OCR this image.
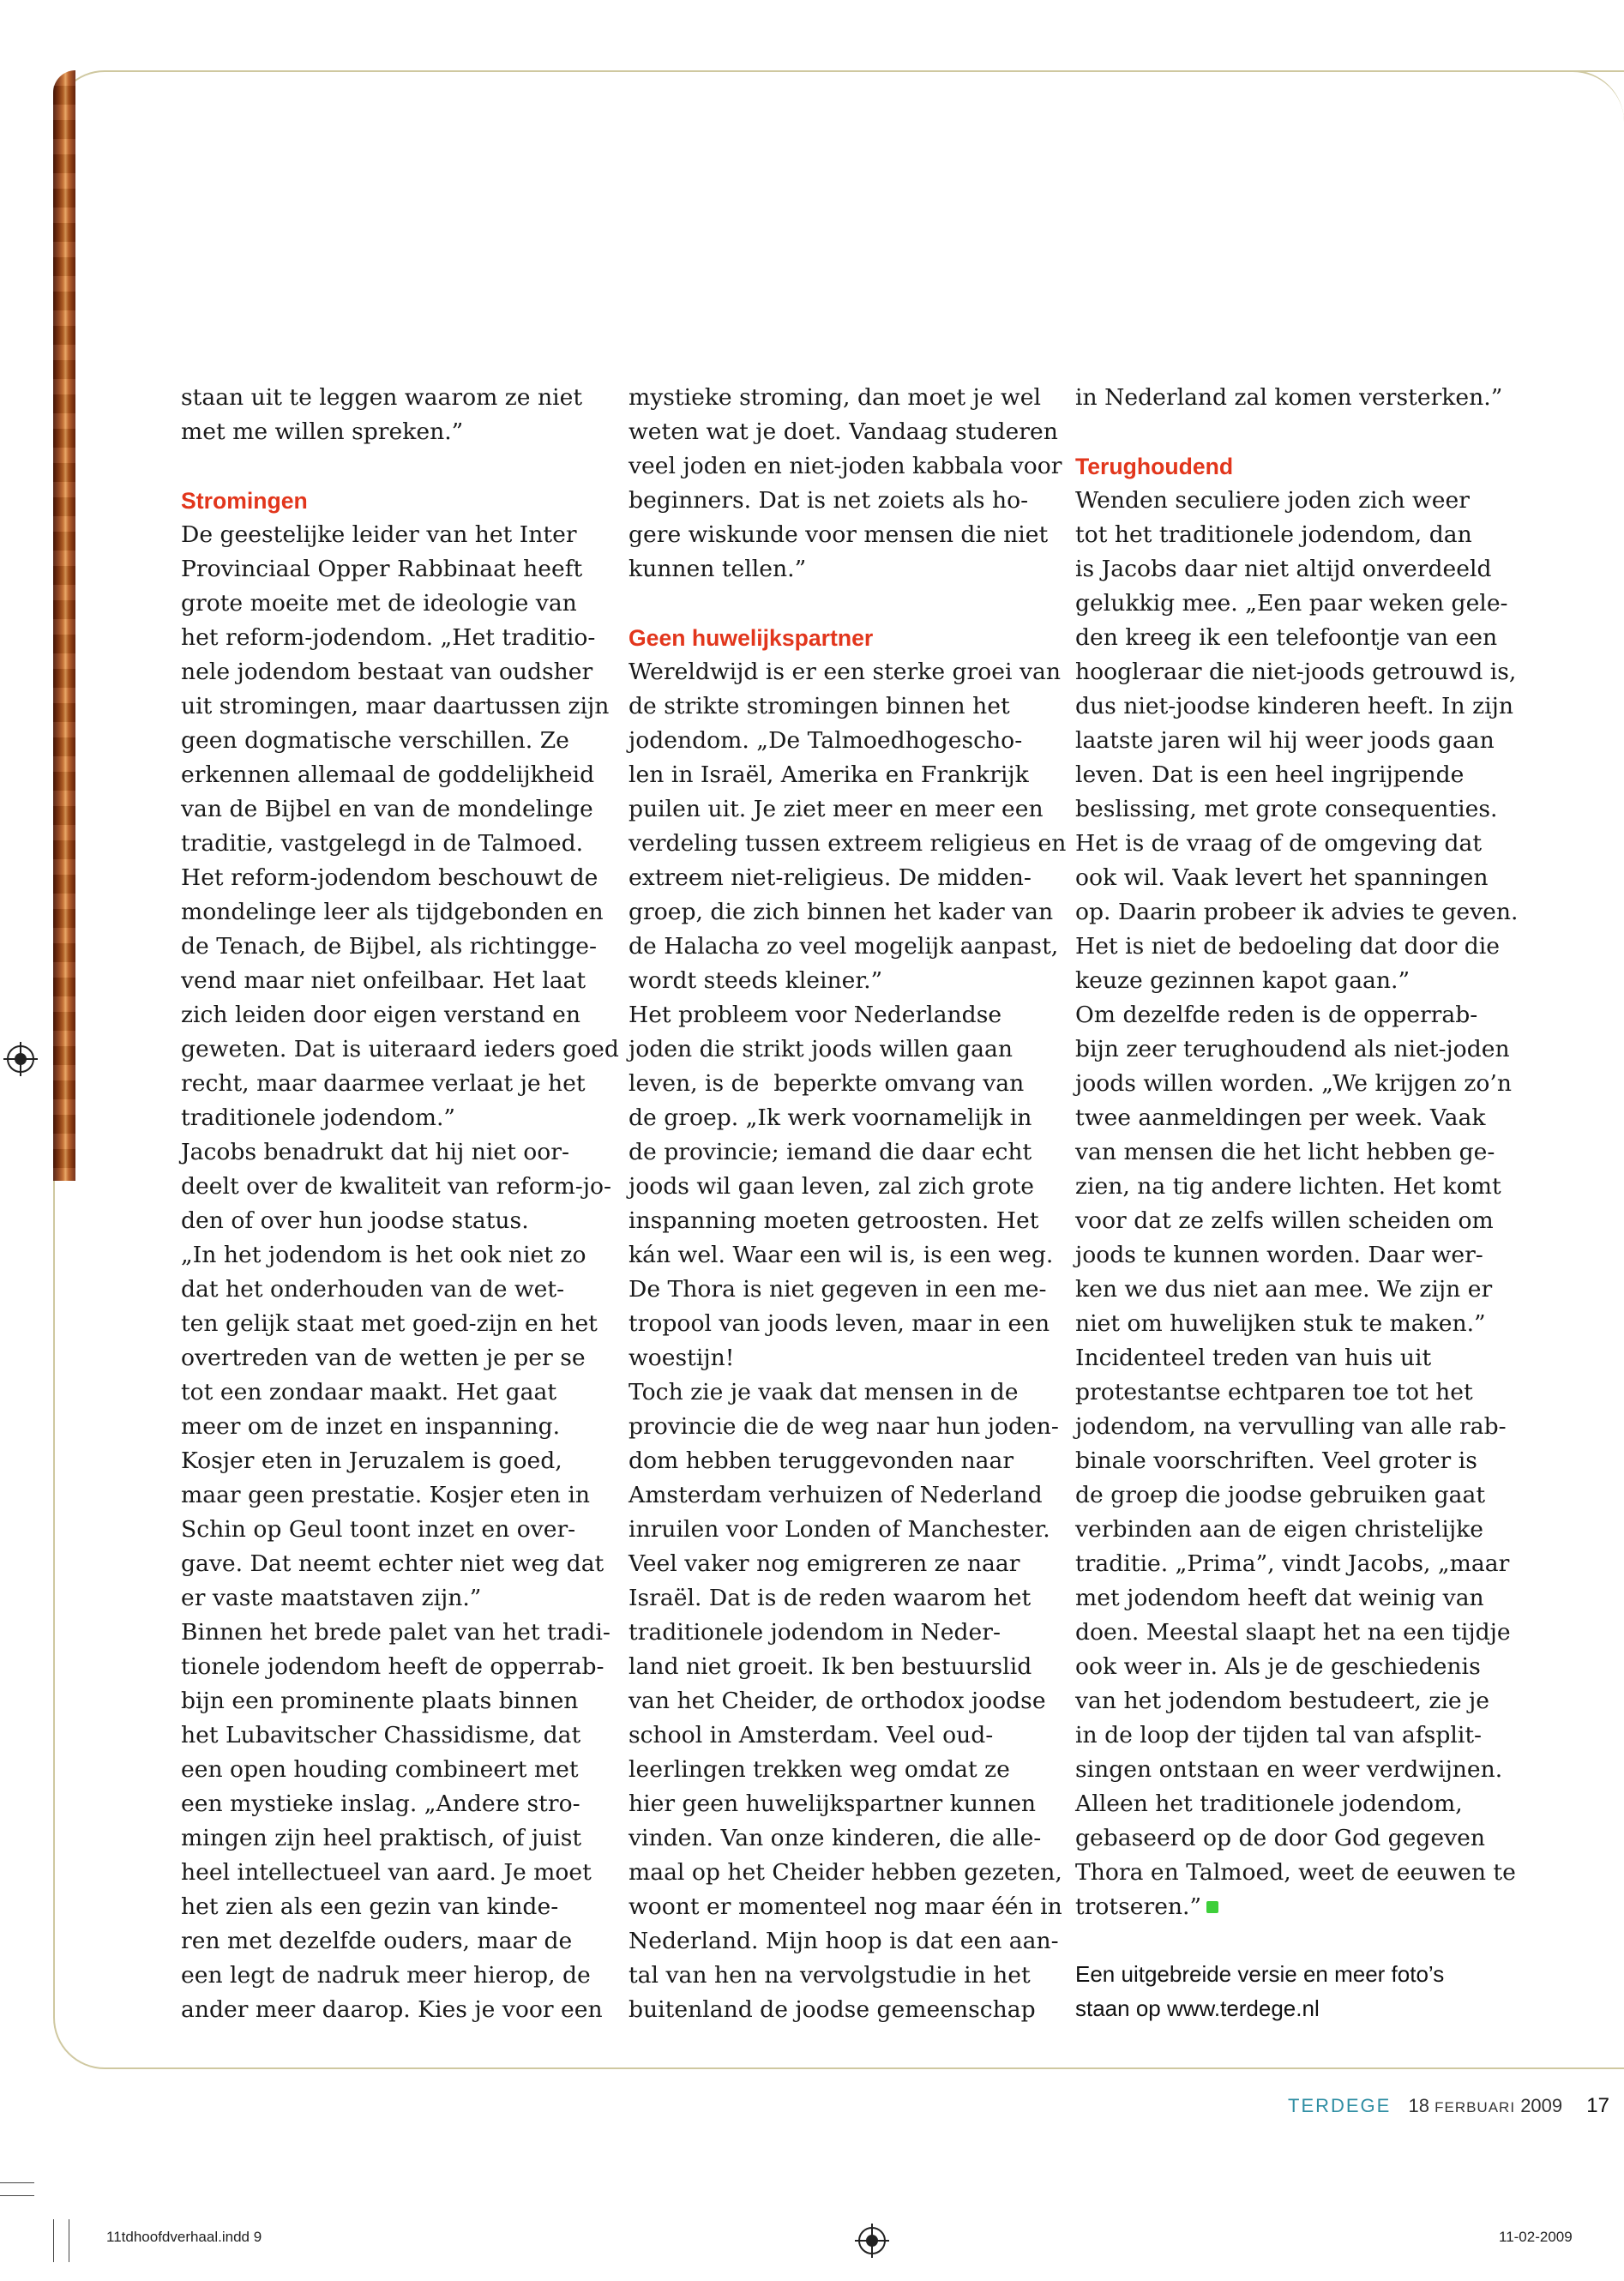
staan uit te leggen waarom ze niet
met me willen spreken.”
Stromingen
De geestelijke leider van het Inter
Provinciaal Opper Rabbinaat heeft
grote moeite met de ideologie van
het reform-jodendom. „Het traditio-
nele jodendom bestaat van oudsher
uit stromingen, maar daartussen zijn
geen dogmatische verschillen. Ze
erkennen allemaal de goddelijkheid
van de Bijbel en van de mondelinge
traditie, vastgelegd in de Talmoed.
Het reform-jodendom beschouwt de
mondelinge leer als tijdgebonden en
de Tenach, de Bijbel, als richtingge-
vend maar niet onfeilbaar. Het laat
zich leiden door eigen verstand en
geweten. Dat is uiteraard ieders goed
recht, maar daarmee verlaat je het
traditionele jodendom.”
Jacobs benadrukt dat hij niet oor-
deelt over de kwaliteit van reform-jo-
den of over hun joodse status.
„In het jodendom is het ook niet zo
dat het onderhouden van de wet-
ten gelijk staat met goed-zijn en het
overtreden van de wetten je per se
tot een zondaar maakt. Het gaat
meer om de inzet en inspanning.
Kosjer eten in Jeruzalem is goed,
maar geen prestatie. Kosjer eten in
Schin op Geul toont inzet en over-
gave. Dat neemt echter niet weg dat
er vaste maatstaven zijn.”
Binnen het brede palet van het tradi-
tionele jodendom heeft de opperrab-
bijn een prominente plaats binnen
het Lubavitscher Chassidisme, dat
een open houding combineert met
een mystieke inslag. „Andere stro-
mingen zijn heel praktisch, of juist
heel intellectueel van aard. Je moet
het zien als een gezin van kinde-
ren met dezelfde ouders, maar de
een legt de nadruk meer hierop, de
ander meer daarop. Kies je voor een
mystieke stroming, dan moet je wel
weten wat je doet. Vandaag studeren
veel joden en niet-joden kabbala voor
beginners. Dat is net zoiets als ho-
gere wiskunde voor mensen die niet
kunnen tellen.”
Geen huwelijkspartner
Wereldwijd is er een sterke groei van
de strikte stromingen binnen het
jodendom. „De Talmoedhogescho-
len in Israël, Amerika en Frankrijk
puilen uit. Je ziet meer en meer een
verdeling tussen extreem religieus en
extreem niet-religieus. De midden-
groep, die zich binnen het kader van
de Halacha zo veel mogelijk aanpast,
wordt steeds kleiner.”
Het probleem voor Nederlandse
joden die strikt joods willen gaan
leven, is de  beperkte omvang van
de groep. „Ik werk voornamelijk in
de provincie; iemand die daar echt
joods wil gaan leven, zal zich grote
inspanning moeten getroosten. Het
kán wel. Waar een wil is, is een weg.
De Thora is niet gegeven in een me-
tropool van joods leven, maar in een
woestijn!
Toch zie je vaak dat mensen in de
provincie die de weg naar hun joden-
dom hebben teruggevonden naar
Amsterdam verhuizen of Nederland
inruilen voor Londen of Manchester.
Veel vaker nog emigreren ze naar
Israël. Dat is de reden waarom het
traditionele jodendom in Neder-
land niet groeit. Ik ben bestuurslid
van het Cheider, de orthodox joodse
school in Amsterdam. Veel oud-
leerlingen trekken weg omdat ze
hier geen huwelijkspartner kunnen
vinden. Van onze kinderen, die alle-
maal op het Cheider hebben gezeten,
woont er momenteel nog maar één in
Nederland. Mijn hoop is dat een aan-
tal van hen na vervolgstudie in het
buitenland de joodse gemeenschap
in Nederland zal komen versterken.”
Terughoudend
Wenden seculiere joden zich weer
tot het traditionele jodendom, dan
is Jacobs daar niet altijd onverdeeld
gelukkig mee. „Een paar weken gele-
den kreeg ik een telefoontje van een
hoogleraar die niet-joods getrouwd is,
dus niet-joodse kinderen heeft. In zijn
laatste jaren wil hij weer joods gaan
leven. Dat is een heel ingrijpende
beslissing, met grote consequenties.
Het is de vraag of de omgeving dat
ook wil. Vaak levert het spanningen
op. Daarin probeer ik advies te geven.
Het is niet de bedoeling dat door die
keuze gezinnen kapot gaan.”
Om dezelfde reden is de opperrab-
bijn zeer terughoudend als niet-joden
joods willen worden. „We krijgen zo’n
twee aanmeldingen per week. Vaak
van mensen die het licht hebben ge-
zien, na tig andere lichten. Het komt
voor dat ze zelfs willen scheiden om
joods te kunnen worden. Daar wer-
ken we dus niet aan mee. We zijn er
niet om huwelijken stuk te maken.”
Incidenteel treden van huis uit
protestantse echtparen toe tot het
jodendom, na vervulling van alle rab-
binale voorschriften. Veel groter is
de groep die joodse gebruiken gaat
verbinden aan de eigen christelijke
traditie. „Prima”, vindt Jacobs, „maar
met jodendom heeft dat weinig van
doen. Meestal slaapt het na een tijdje
ook weer in. Als je de geschiedenis
van het jodendom bestudeert, zie je
in de loop der tijden tal van afsplit-
singen ontstaan en weer verdwijnen.
Alleen het traditionele jodendom,
gebaseerd op de door God gegeven
Thora en Talmoed, weet de eeuwen te
trotseren.”
Een uitgebreide versie en meer foto’s
staan op www.terdege.nl
TERDEGE 18 FERBUARI 2009 17
11tdhoofdverhaal.indd 9	11-02-2009
